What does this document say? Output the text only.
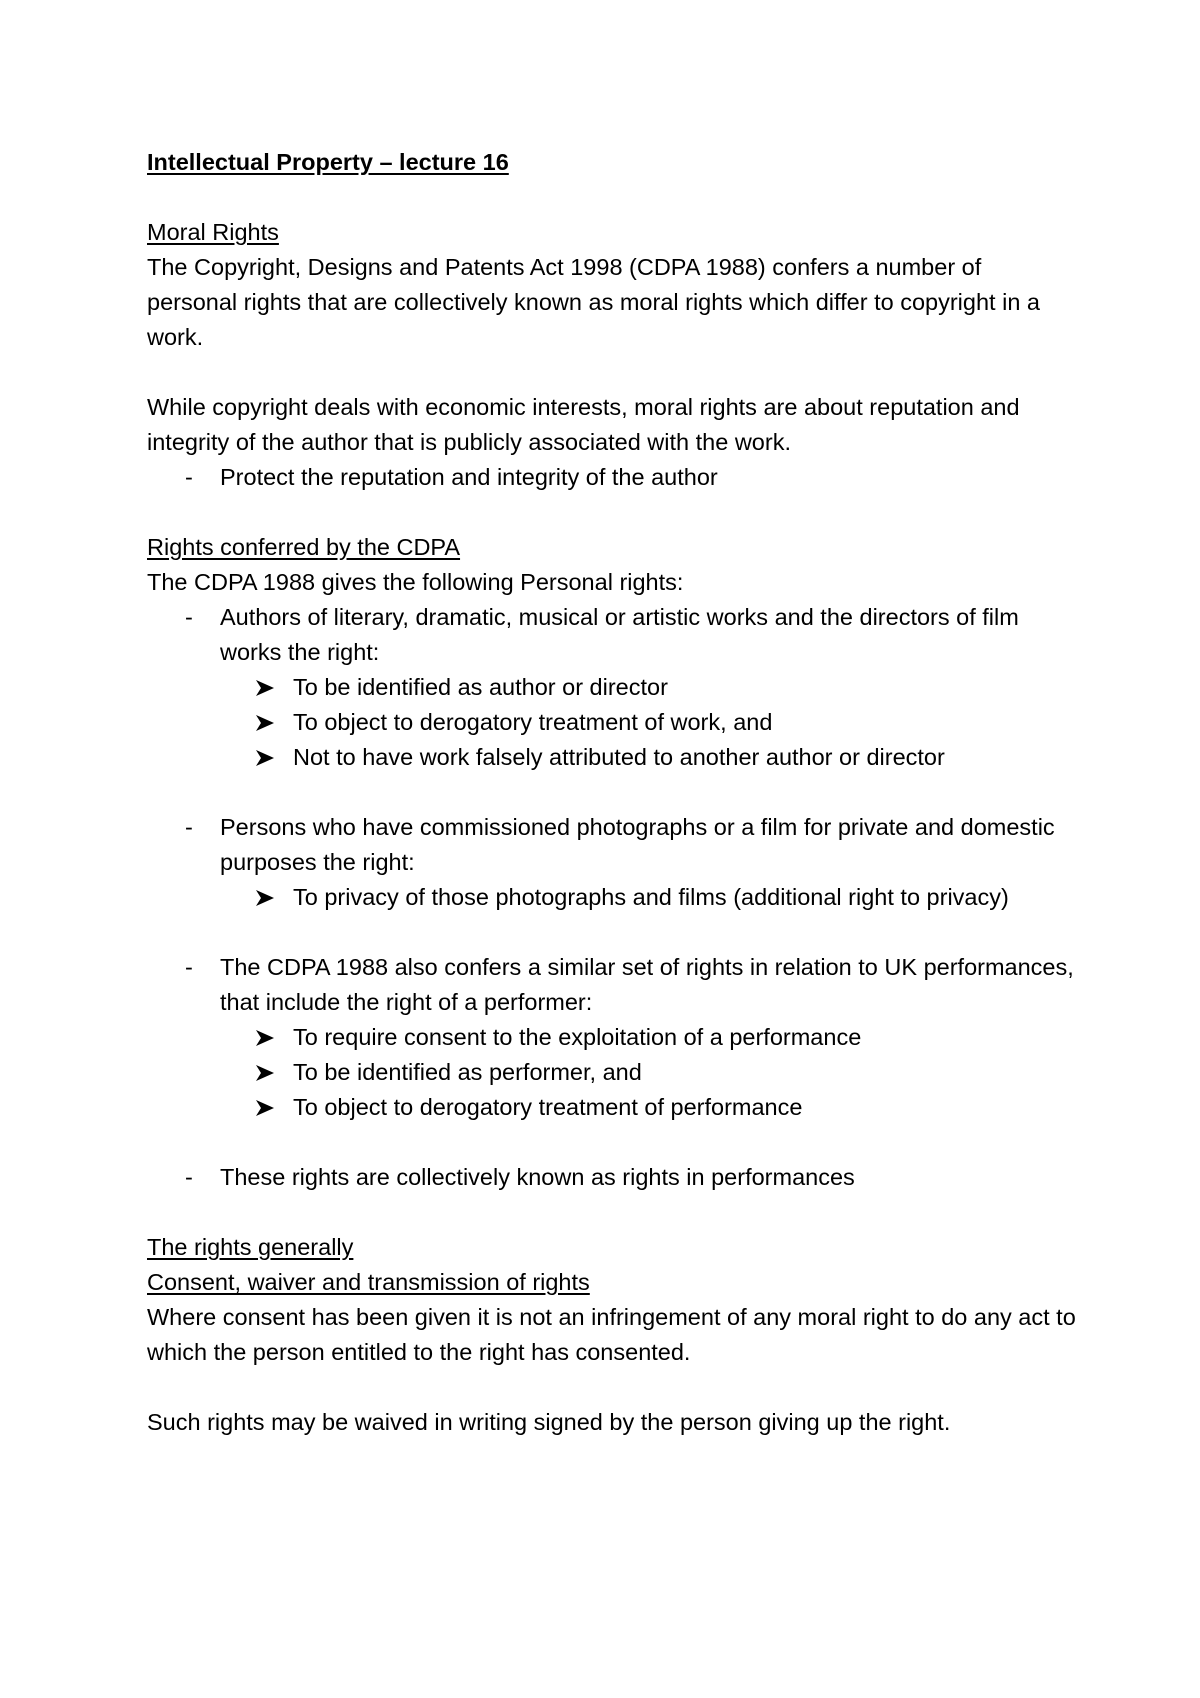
Intellectual Property – lecture 16

Moral Rights

The Copyright, Designs and Patents Act 1998 (CDPA 1988) confers a number of personal rights that are collectively known as moral rights which differ to copyright in a work.

While copyright deals with economic interests, moral rights are about reputation and integrity of the author that is publicly associated with the work.

- Protect the reputation and integrity of the author

Rights conferred by the CDPA

The CDPA 1988 gives the following Personal rights:

- Authors of literary, dramatic, musical or artistic works and the directors of film works the right:
To be identified as author or director
To object to derogatory treatment of work, and
Not to have work falsely attributed to another author or director
- Persons who have commissioned photographs or a film for private and domestic purposes the right:
To privacy of those photographs and films (additional right to privacy)
- The CDPA 1988 also confers a similar set of rights in relation to UK performances, that include the right of a performer:
To require consent to the exploitation of a performance
To be identified as performer, and
To object to derogatory treatment of performance
- These rights are collectively known as rights in performances

The rights generally

Consent, waiver and transmission of rights

Where consent has been given it is not an infringement of any moral right to do any act to which the person entitled to the right has consented.

Such rights may be waived in writing signed by the person giving up the right.
